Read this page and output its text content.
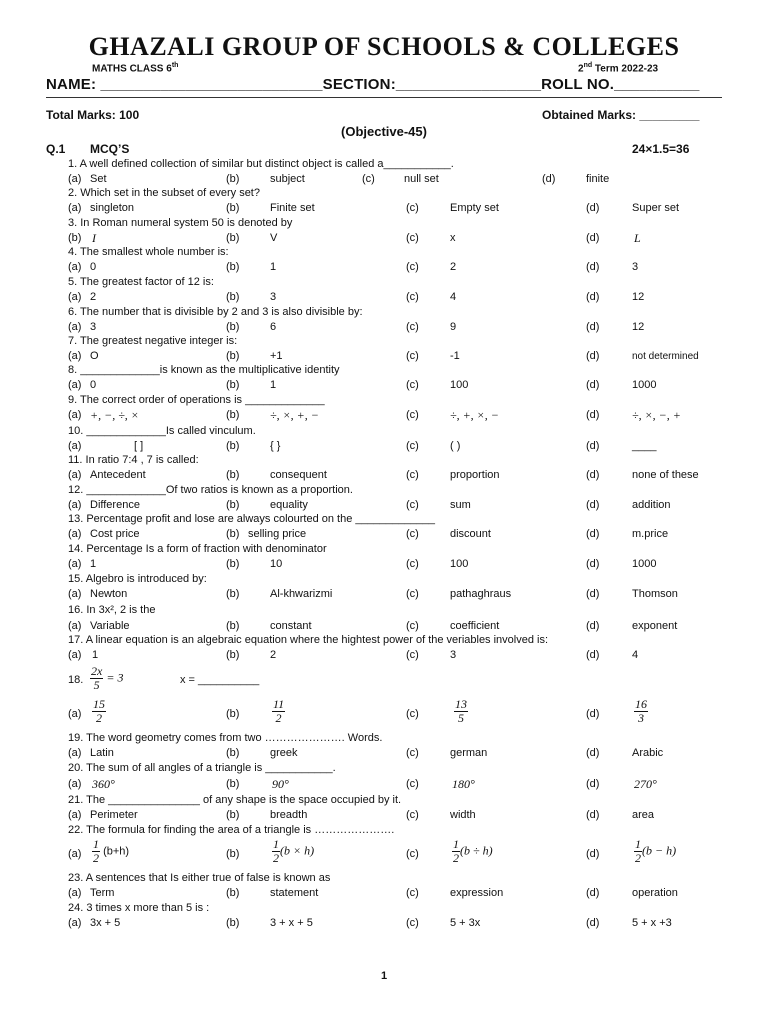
GHAZALI GROUP OF SCHOOLS & COLLEGES
MATHS CLASS 6th	2nd Term 2022-23
NAME: __________________________SECTION:_________________ROLL NO.__________
Total Marks: 100	Obtained Marks: _________
(Objective-45)
Q.1 MCQ’S	24×1.5=36
1. A well defined collection of similar but distinct object is called a___________.
(a) Set	(b)	subject	(c)	null set	(d)	finite
2. Which set in the subset of every set?
(a) singleton	(b)	Finite set	(c)	Empty set	(d)	Super set
3. In Roman numeral system 50 is denoted by
(b) I	(b)	V	(c)	x	(d)	L
4. The smallest whole number is:
(a) 0	(b)	1	(c)	2	(d)	3
5. The greatest factor of 12 is:
(a) 2	(b)	3	(c)	4	(d)	12
6. The number that is divisible by 2 and 3 is also divisible by:
(a) 3	(b)	6	(c)	9	(d)	12
7. The greatest negative integer is:
(a) O	(b)	+1	(c)	-1	(d)	not determined
8. _____________is known as the multiplicative identity
(a) 0	(b)	1	(c)	100	(d)	1000
9. The correct order of operations is _____________
(a) +, −, ÷, ×	(b)	÷, ×, +, −	(c)	÷, +, ×, −	(d)	÷, ×, −, +
10. _____________Is called vinculum.
(a)	[ ]	(b)	{ }	(c)	( )	(d)	____
11. In ratio 7:4 , 7 is called:
(a) Antecedent	(b)	consequent	(c)	proportion	(d)	none of these
12. _____________Of two ratios is known as a proportion.
(a) Difference	(b)	equality	(c)	sum	(d)	addition
13. Percentage profit and lose are always colourted on the _____________
(a) Cost price	(b) selling price	(c)	discount	(d)	m.price
14. Percentage Is a form of fraction with denominator
(a) 1	(b)	10	(c)	100	(d)	1000
15. Algebro is introduced by:
(a) Newton	(b)	Al-khwarizmi	(c)	pathaghraus	(d)	Thomson
16. In 3x², 2 is the
(a) Variable	(b)	constant	(c)	coefficient	(d)	exponent
17. A linear equation is an algebraic equation where the hightest power of the veriables involved is:
(a) 1	(b)	2	(c)	3	(d)	4
18. $\frac{2x}{5} = 3$	x = __________
$(a) \frac{15}{2}$	(b)	$\frac{11}{2}$	(c)	$\frac{13}{5}$	(d)	$\frac{16}{3}$
19. The word geometry comes from two …………………. Words.
(a) Latin	(b)	greek	(c)	german	(d)	Arabic
20. The sum of all angles of a triangle is ___________.
(a) 360°	(b)	90°	(c)	180°	(d)	270°
21. The _______________ of any shape is the space occupied by it.
(a) Perimeter	(b)	breadth	(c)	width	(d)	area
22. The formula for finding the area of a triangle is ………………….
$(a) \frac{1}{2} (b+h)$	(b)	$\frac{1}{2} (b \times h)$	(c)	$\frac{1}{2} (b \div h)$	(d)	$\frac{1}{2} (b - h)$
23. A sentences that Is either true of false is known as
(a) Term	(b)	statement	(c)	expression	(d)	operation
24. 3 times x more than 5 is :
(a) 3x + 5	(b)	3 + x + 5	(c)	5 + 3x	(d)	5 + x +3
1
